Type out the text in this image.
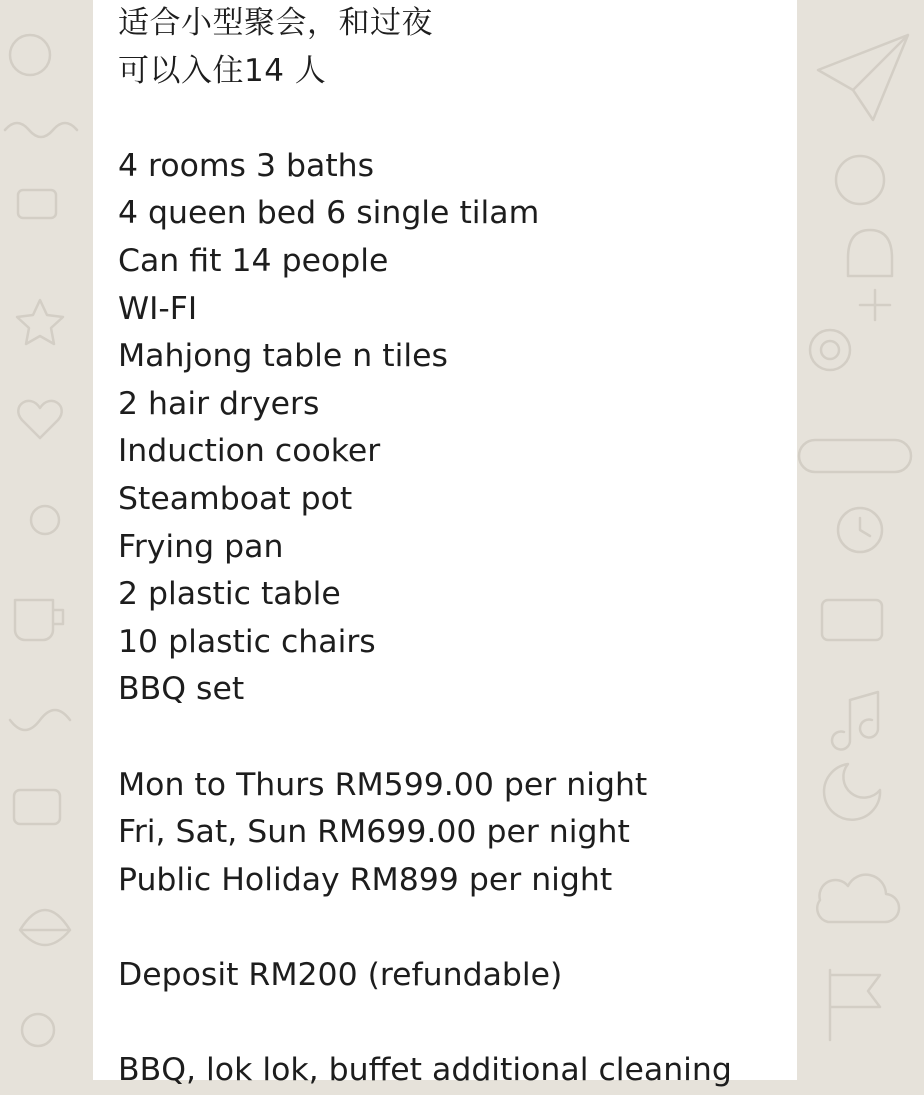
适合小型聚会，和过夜
可以入住14 人
4 rooms 3 baths
4 queen bed 6 single tilam
Can fit 14 people
WI-FI
Mahjong table n tiles
2 hair dryers
Induction cooker
Steamboat pot
Frying pan
2 plastic table
10 plastic chairs
BBQ set
Mon to Thurs RM599.00 per night
Fri, Sat, Sun RM699.00 per night
Public Holiday RM899 per night
Deposit RM200 (refundable)
BBQ, lok lok, buffet additional cleaning
